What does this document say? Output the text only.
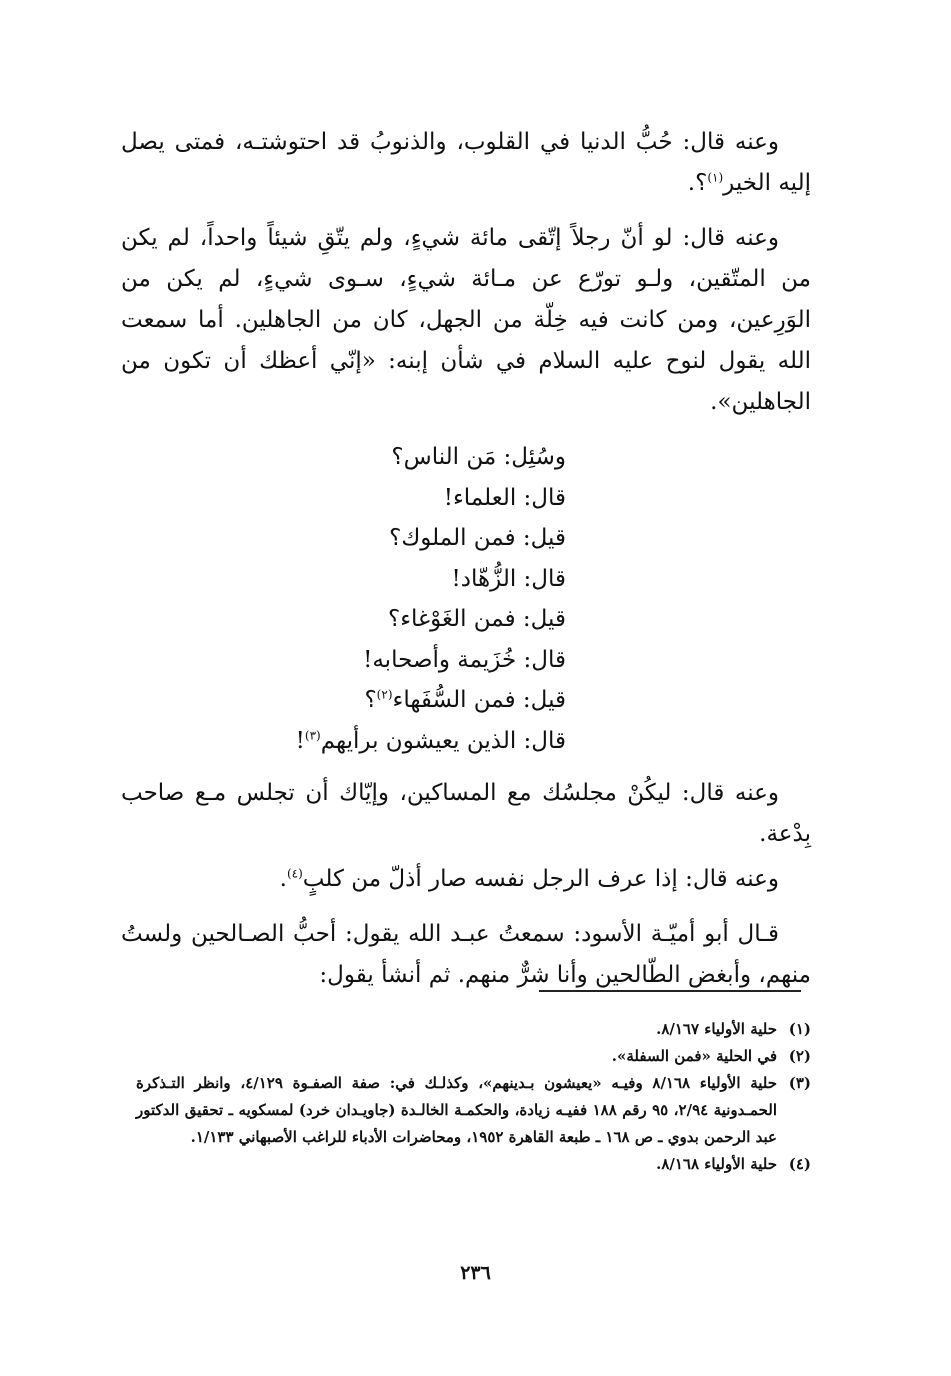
وعنه قال: حُبُّ الدنيا في القلوب، والذنوبُ قد احتوشتـه، فمتى يصل إليه الخير$^{(١)}$؟.

وعنه قال: لو أنّ رجلاً إتّقى مائة شيءٍ، ولم يتّقِ شيئاً واحداً، لم يكن من المتّقين، ولـو تورّع عن مـائة شيءٍ، سـوى شيءٍ، لم يكن من الوَرِعين، ومن كانت فيه خِلّة من الجهل، كان من الجاهلين. أما سمعت الله يقول لنوح عليه السلام في شأن إبنه: «إنّي أعظك أن تكون من الجاهلين».

وسُئِل: مَن الناس؟
قال: العلماء!
قيل: فمن الملوك؟
قال: الزُّهّاد!
قيل: فمن الغَوْغاء؟
قال: خُزَيمة وأصحابه!
قيل: فمن السُّفَهاء$^{(٢)}$؟
قال: الذين يعيشون برأيهم$^{(٣)}$!

وعنه قال: ليكُنْ مجلسُك مع المساكين، وإيّاك أن تجلس مـع صاحب بِدْعة.

وعنه قال: إذا عرف الرجل نفسه صار أذلّ من كلبٍ$^{(٤)}$.

قـال أبو أميّـة الأسود: سمعتُ عبـد الله يقول: أحبُّ الصـالحين ولستُ منهم، وأبغض الطّالحين وأنا شرٌّ منهم. ثم أنشأ يقول:

(١)
حلية الأولياء ٨/١٦٧.
(٢)
في الحلية «فمن السفلة».
(٣)
حلية الأولياء ٨/١٦٨ وفيـه «يعيشون بـدينهم»، وكذلـك في: صفة الصفـوة ٤/١٢٩، وانظر التـذكرة الحمـدونية ٢/٩٤، ٩٥ رقم ١٨٨ ففيـه زيادة، والحكمـة الخالـدة (جاويـدان خرد) لمسكويه ـ تحقيق الدكتور عبد الرحمن بدوي ـ ص ١٦٨ ـ طبعة القاهرة ١٩٥٢، ومحاضرات الأدباء للراغب الأصبهاني ١/١٣٣.
(٤)
حلية الأولياء ٨/١٦٨.
٢٣٦
